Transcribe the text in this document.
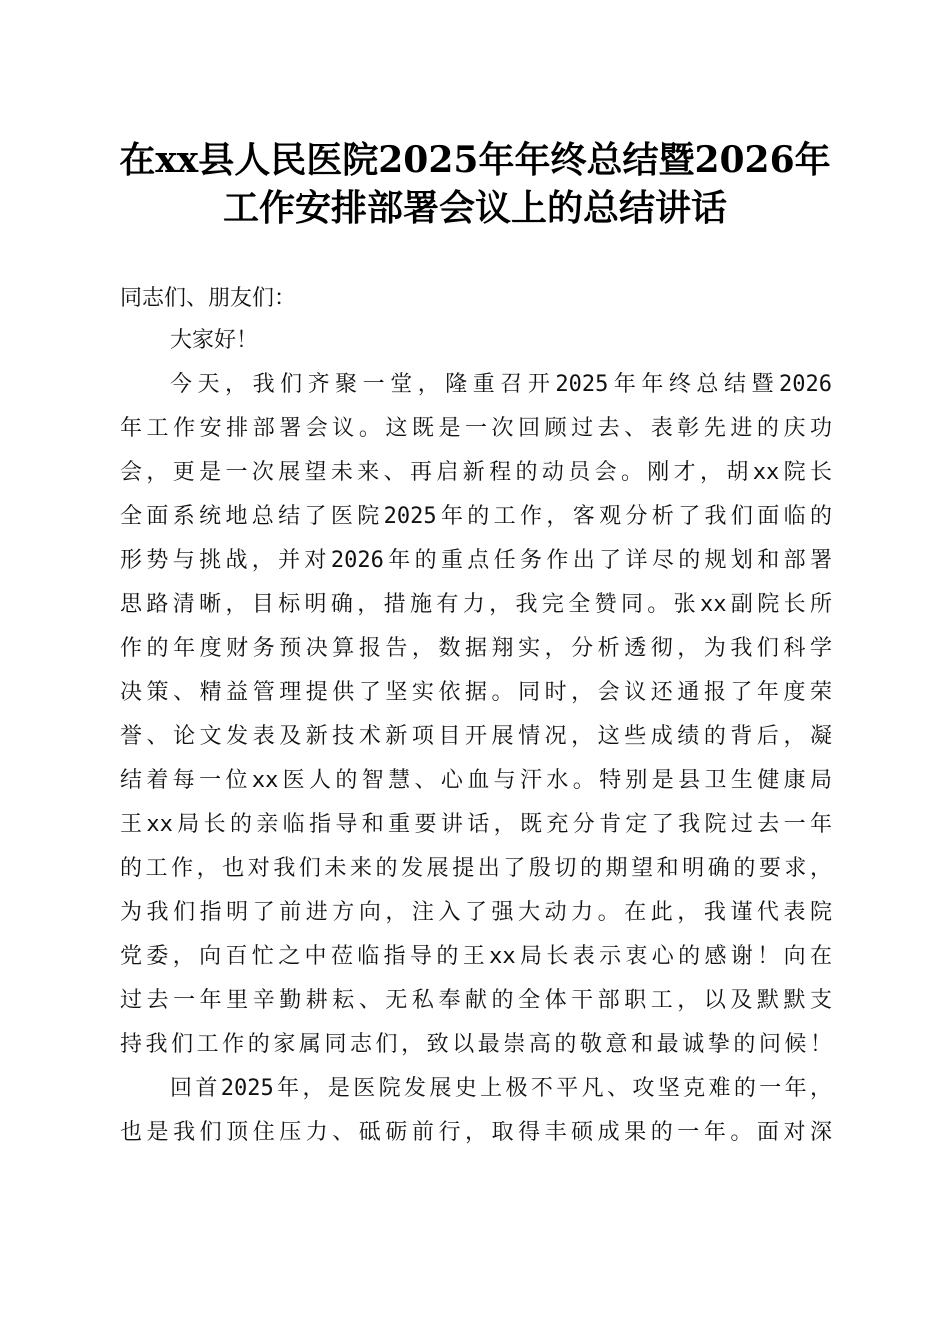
在xx县人民医院2025年年终总结暨2026年
工作安排部署会议上的总结讲话

同志们、朋友们：

大家好！

今天，我们齐聚一堂，隆重召开2025年年终总结暨2026

年工作安排部署会议。这既是一次回顾过去、表彰先进的庆功

会，更是一次展望未来、再启新程的动员会。刚才，胡xx院长

全面系统地总结了医院2025年的工作，客观分析了我们面临的

形势与挑战，并对2026年的重点任务作出了详尽的规划和部署

思路清晰，目标明确，措施有力，我完全赞同。张xx副院长所

作的年度财务预决算报告，数据翔实，分析透彻，为我们科学

决策、精益管理提供了坚实依据。同时，会议还通报了年度荣

誉、论文发表及新技术新项目开展情况，这些成绩的背后，凝

结着每一位xx医人的智慧、心血与汗水。特别是县卫生健康局

王xx局长的亲临指导和重要讲话，既充分肯定了我院过去一年

的工作，也对我们未来的发展提出了殷切的期望和明确的要求，

为我们指明了前进方向，注入了强大动力。在此，我谨代表院

党委，向百忙之中莅临指导的王xx局长表示衷心的感谢！向在

过去一年里辛勤耕耘、无私奉献的全体干部职工，以及默默支

持我们工作的家属同志们，致以最崇高的敬意和最诚挚的问候！

回首2025年，是医院发展史上极不平凡、攻坚克难的一年，

也是我们顶住压力、砥砺前行，取得丰硕成果的一年。面对深
